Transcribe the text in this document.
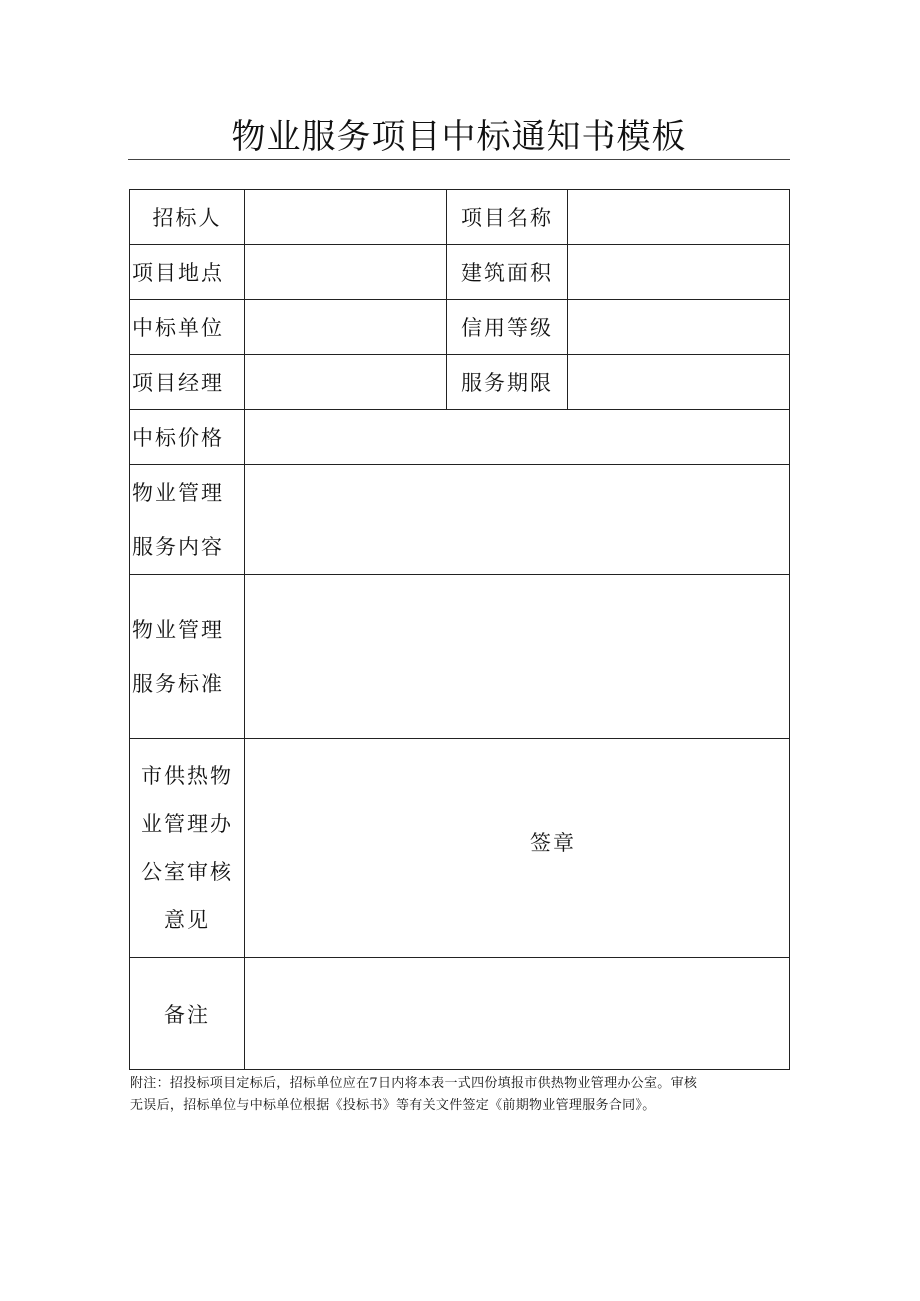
物业服务项目中标通知书模板
招标人		项目名称	
项目地点		建筑面积	
中标单位		信用等级	
项目经理		服务期限	
中标价格			

物业管理
服务内容			

物业管理
服务标准			

市供热物
业管理办
公室审核
意见	签章		
备注			
附注：招投标项目定标后，招标单位应在7日内将本表一式四份填报市供热物业管理办公室。审核
无误后，招标单位与中标单位根据《投标书》等有关文件签定《前期物业管理服务合同》。
